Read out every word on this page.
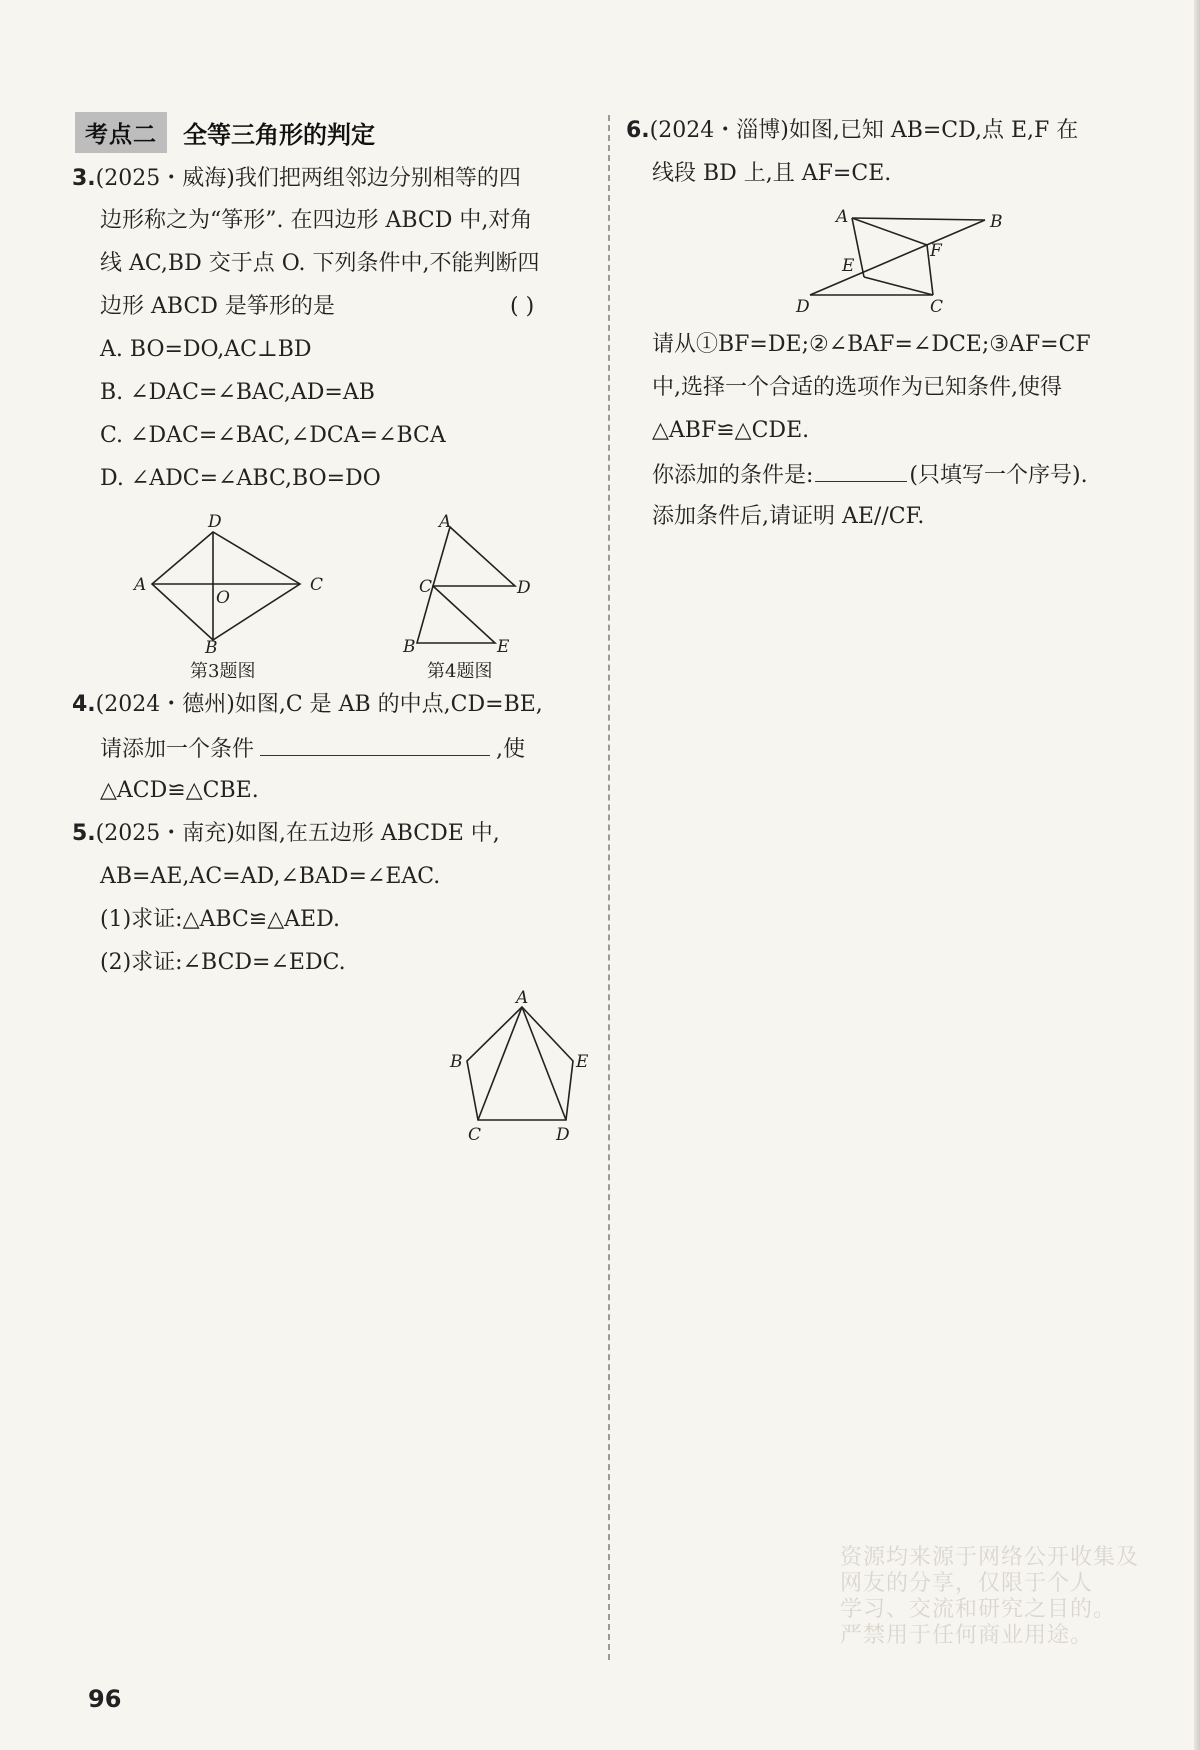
考点二	全等三角形的判定
3.(2025・威海)我们把两组邻边分别相等的四
边形称之为“筝形”. 在四边形 ABCD 中,对角
线 AC,BD 交于点 O. 下列条件中,不能判断四
边形 ABCD 是筝形的是	( )
A. BO=DO,AC⊥BD
B. ∠DAC=∠BAC,AD=AB
C. ∠DAC=∠BAC,∠DCA=∠BCA
D. ∠ADC=∠ABC,BO=DO
D
A	C
O
B
第3题图
A
C	D
B	E
第4题图
4.(2024・德州)如图,C 是 AB 的中点,CD=BE,
请添加一个条件	,使
△ACD≌△CBE.
5.(2025・南充)如图,在五边形 ABCDE 中,
AB=AE,AC=AD,∠BAD=∠EAC.
(1)求证:△ABC≌△AED.
(2)求证:∠BCD=∠EDC.
A
B	E
C	D
6.(2024・淄博)如图,已知 AB=CD,点 E,F 在
线段 BD 上,且 AF=CE.
A	B
F
E
D	C
请从①BF=DE;②∠BAF=∠DCE;③AF=CF
中,选择一个合适的选项作为已知条件,使得
△ABF≌△CDE.
你添加的条件是:	(只填写一个序号).
添加条件后,请证明 AE//CF.
96
资源均来源于网络公开收集及
网友的分享，仅限于个人
学习、交流和研究之目的。
严禁用于任何商业用途。
